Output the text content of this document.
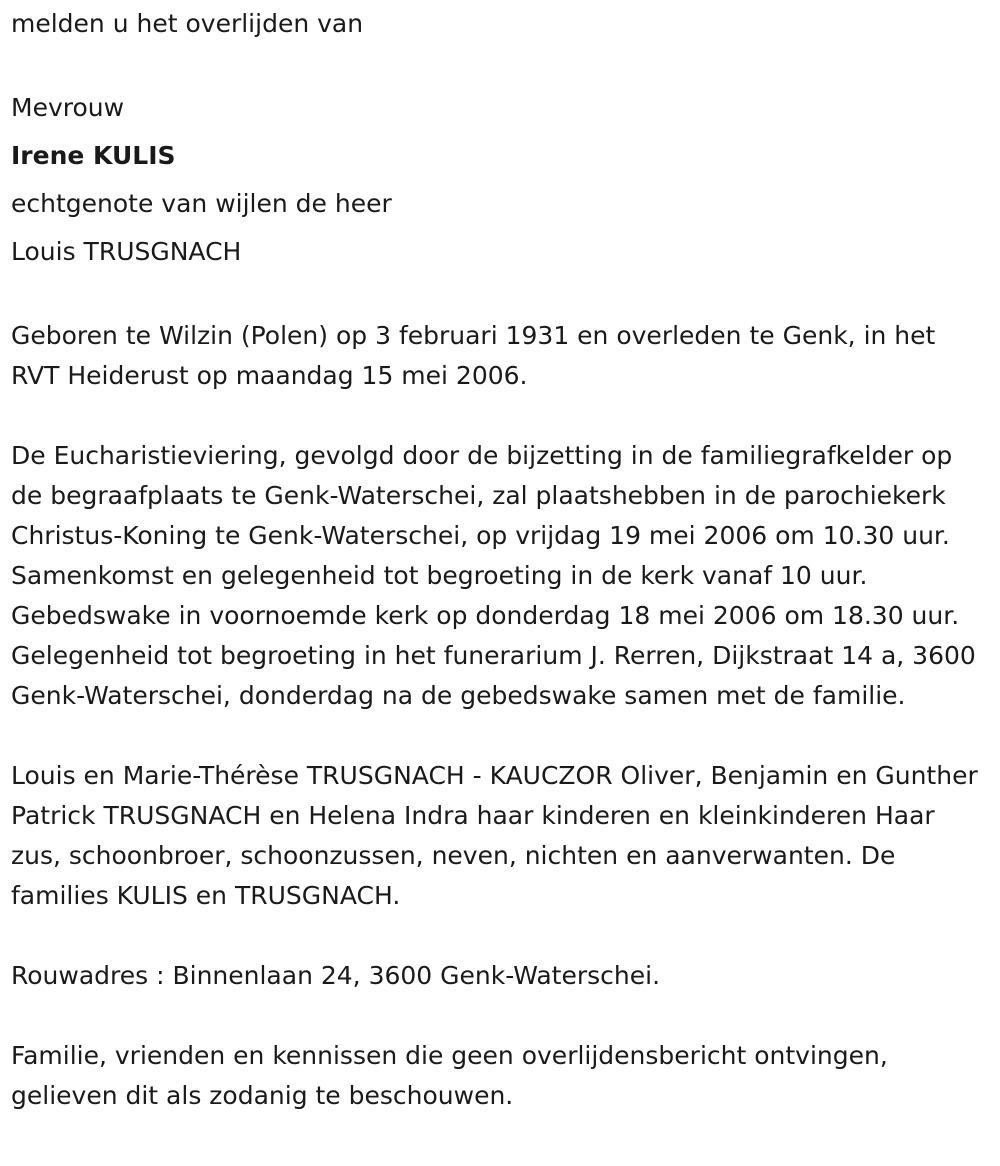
melden u het overlijden van

Mevrouw

Irene KULIS

echtgenote van wijlen de heer

Louis TRUSGNACH

Geboren te Wilzin (Polen) op 3 februari 1931 en overleden te Genk, in het RVT Heiderust op maandag 15 mei 2006.

De Eucharistieviering, gevolgd door de bijzetting in de familiegrafkelder op de begraafplaats te Genk-Waterschei, zal plaatshebben in de parochiekerk Christus-Koning te Genk-Waterschei, op vrijdag 19 mei 2006 om 10.30 uur. Samenkomst en gelegenheid tot begroeting in de kerk vanaf 10 uur. Gebedswake in voornoemde kerk op donderdag 18 mei 2006 om 18.30 uur. Gelegenheid tot begroeting in het funerarium J. Rerren, Dijkstraat 14 a, 3600 Genk-Waterschei, donderdag na de gebedswake samen met de familie.

Louis en Marie-Thérèse TRUSGNACH - KAUCZOR Oliver, Benjamin en Gunther Patrick TRUSGNACH en Helena Indra haar kinderen en kleinkinderen Haar zus, schoonbroer, schoonzussen, neven, nichten en aanverwanten. De families KULIS en TRUSGNACH.

Rouwadres : Binnenlaan 24, 3600 Genk-Waterschei.

Familie, vrienden en kennissen die geen overlijdensbericht ontvingen, gelieven dit als zodanig te beschouwen.
